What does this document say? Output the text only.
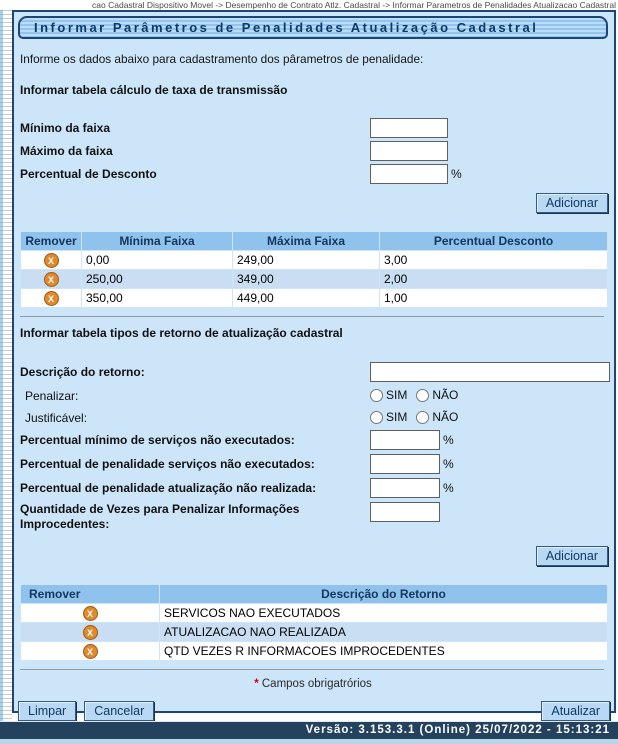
cao Cadastral Dispositivo Movel -> Desempenho de Contrato Atlz. Cadastral -> Informar Parametros de Penalidades Atualizacao Cadastral
Informar Parâmetros de Penalidades Atualização Cadastral

Informe os dados abaixo para cadastramento dos pârametros de penalidade:

Informar tabela cálculo de taxa de transmissão
Mínimo da faixa
Máximo da faixa
Percentual de Desconto	%
Adicionar
Remover	Mínima Faixa	Máxima Faixa	Percentual Desconto
X	0,00	249,00	3,00
X	250,00	349,00	2,00
X	350,00	449,00	1,00
Informar tabela tipos de retorno de atualização cadastral
Descrição do retorno:
Penalizar:	SIM NÃO
Justificável:	SIM NÃO
Percentual mínimo de serviços não executados:	%
Percentual de penalidade serviços não executados:	%
Percentual de penalidade atualização não realizada:	%
Quantidade de Vezes para Penalizar Informações Improcedentes:
Adicionar
Remover	Descrição do Retorno
X	SERVICOS NAO EXECUTADOS
X	ATUALIZACAO NAO REALIZADA
X	QTD VEZES R INFORMACOES IMPROCEDENTES
* Campos obrigatrórios
Limpar	Cancelar	Atualizar
Versão: 3.153.3.1 (Online) 25/07/2022 - 15:13:21
